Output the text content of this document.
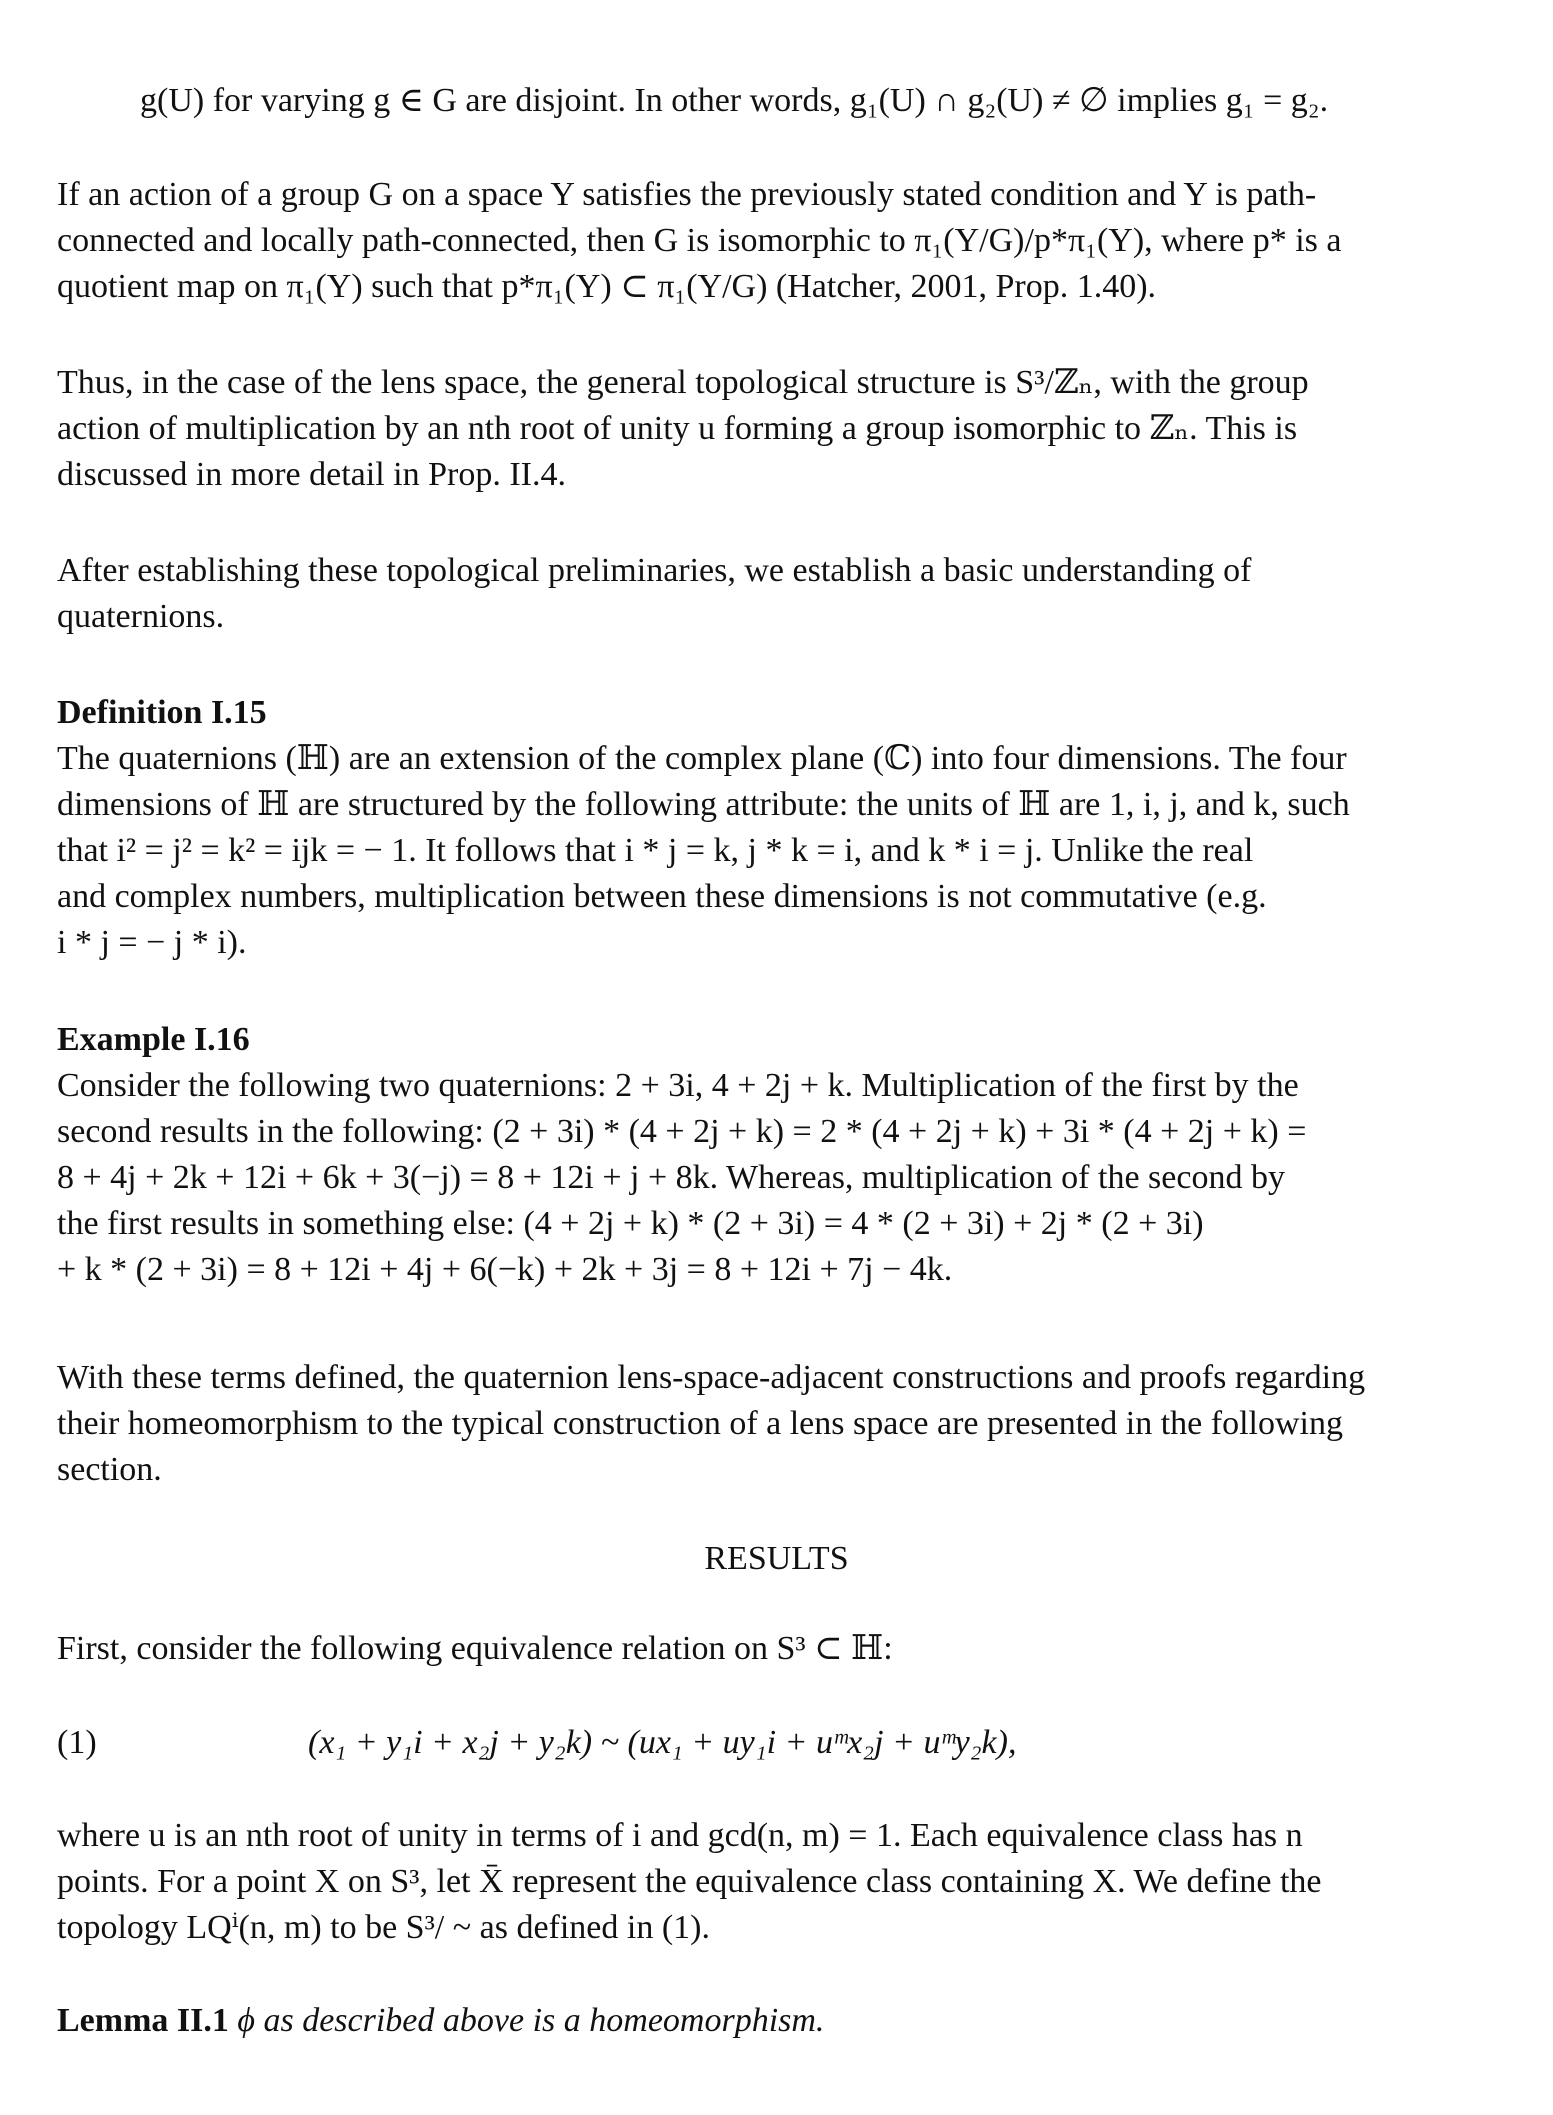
g(U) for varying g ∈ G are disjoint. In other words, g₁(U) ∩ g₂(U) ≠ ∅ implies g₁ = g₂.
If an action of a group G on a space Y satisfies the previously stated condition and Y is path-
connected and locally path-connected, then G is isomorphic to π₁(Y/G)/p*π₁(Y), where p* is a
quotient map on π₁(Y) such that p*π₁(Y) ⊂ π₁(Y/G) (Hatcher, 2001, Prop. 1.40).
Thus, in the case of the lens space, the general topological structure is S³/ℤₙ, with the group
action of multiplication by an nth root of unity u forming a group isomorphic to ℤₙ. This is
discussed in more detail in Prop. II.4.
After establishing these topological preliminaries, we establish a basic understanding of
quaternions.
Definition I.15
The quaternions (ℍ) are an extension of the complex plane (ℂ) into four dimensions. The four
dimensions of ℍ are structured by the following attribute: the units of ℍ are 1, i, j, and k, such
that i² = j² = k² = ijk = − 1. It follows that i * j = k, j * k = i, and k * i = j. Unlike the real
and complex numbers, multiplication between these dimensions is not commutative (e.g.
i * j = − j * i).
Example I.16
Consider the following two quaternions: 2 + 3i, 4 + 2j + k. Multiplication of the first by the
second results in the following: (2 + 3i) * (4 + 2j + k) = 2 * (4 + 2j + k) + 3i * (4 + 2j + k) =
8 + 4j + 2k + 12i + 6k + 3(−j) = 8 + 12i + j + 8k. Whereas, multiplication of the second by
the first results in something else: (4 + 2j + k) * (2 + 3i) = 4 * (2 + 3i) + 2j * (2 + 3i)
+ k * (2 + 3i) = 8 + 12i + 4j + 6(−k) + 2k + 3j = 8 + 12i + 7j − 4k.
With these terms defined, the quaternion lens-space-adjacent constructions and proofs regarding
their homeomorphism to the typical construction of a lens space are presented in the following
section.
RESULTS
First, consider the following equivalence relation on S³ ⊂ ℍ:
(1)	(x₁ + y₁i + x₂j + y₂k) ~ (ux₁ + uy₁i + uᵐx₂j + uᵐy₂k),
where u is an nth root of unity in terms of i and gcd(n, m) = 1. Each equivalence class has n
points. For a point X on S³, let X̄ represent the equivalence class containing X. We define the
topology LQⁱ(n, m) to be S³/ ~ as defined in (1).
Lemma II.1 ϕ as described above is a homeomorphism.
